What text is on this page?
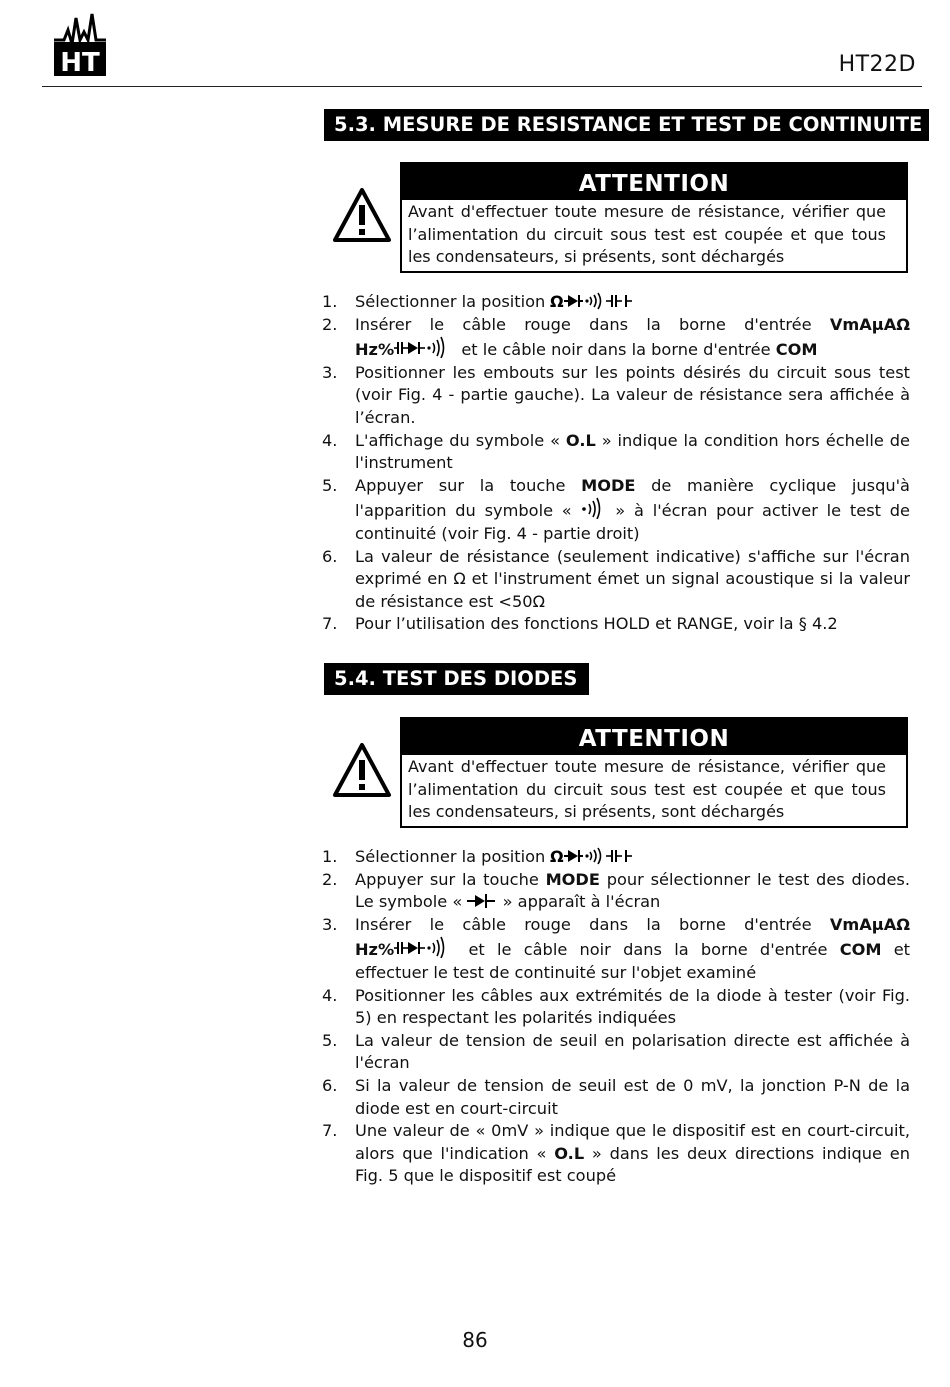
HT	HT22D
5.3. MESURE DE RESISTANCE ET TEST DE CONTINUITE
ATTENTION
Avant d'effectuer toute mesure de résistance, vérifier que l’alimentation du circuit sous test est coupée et que tous les condensateurs, si présents, sont déchargés
1. Sélectionner la position Ω
2. Insérer le câble rouge dans la borne d'entrée VmAμAΩ
Hz%	et le câble noir dans la borne d'entrée COM
3. Positionner les embouts sur les points désirés du circuit sous test (voir Fig. 4 - partie gauche). La valeur de résistance sera affichée à l’écran.
4. L'affichage du symbole « O.L » indique la condition hors échelle de l'instrument
5. Appuyer sur la touche MODE de manière cyclique jusqu'à l'apparition du symbole «  » à l'écran pour activer le test de continuité (voir Fig. 4 - partie droit)
6. La valeur de résistance (seulement indicative) s'affiche sur l'écran exprimé en Ω et l'instrument émet un signal acoustique si la valeur de résistance est <50Ω
7. Pour l’utilisation des fonctions HOLD et RANGE, voir la § 4.2
5.4. TEST DES DIODES
ATTENTION
Avant d'effectuer toute mesure de résistance, vérifier que l’alimentation du circuit sous test est coupée et que tous les condensateurs, si présents, sont déchargés
1. Sélectionner la position Ω
2. Appuyer sur la touche MODE pour sélectionner le test des diodes. Le symbole «  » apparaît à l'écran
3. Insérer le câble rouge dans la borne d'entrée VmAμAΩ
Hz%	et le câble noir dans la borne d'entrée COM et effectuer le test de continuité sur l'objet examiné
4. Positionner les câbles aux extrémités de la diode à tester (voir Fig. 5) en respectant les polarités indiquées
5. La valeur de tension de seuil en polarisation directe est affichée à l'écran
6. Si la valeur de tension de seuil est de 0 mV, la jonction P-N de la diode est en court-circuit
7. Une valeur de « 0mV » indique que le dispositif est en court-circuit, alors que l'indication « O.L » dans les deux directions indique en Fig. 5 que le dispositif est coupé
86
